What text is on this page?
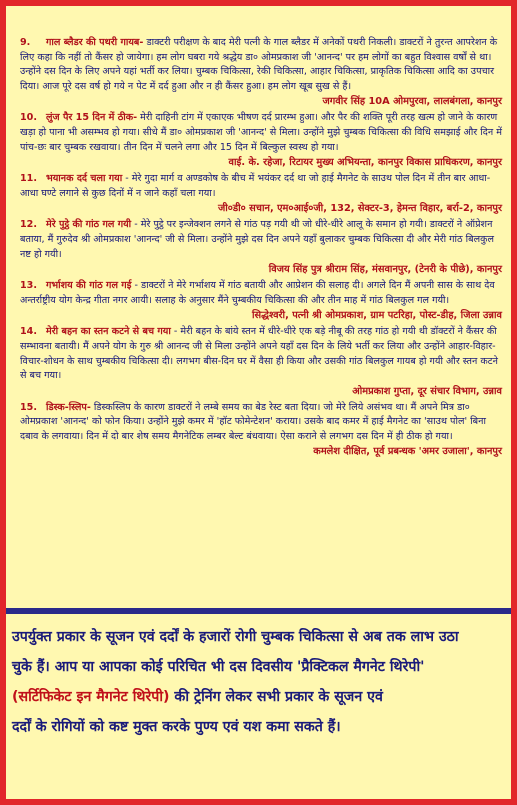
9. गाल ब्लैडर की पथरी गायब- डाक्टरी परीक्षण के बाद मेरी पत्नी के गाल ब्लैडर में अनेकों पथरी निकली। डाक्टरों ने तुरन्त आपरेशन के लिए कहा कि नहीं तो कैंसर हो जायेगा। हम लोग घबरा गये श्रद्धेय डा० ओमप्रकाश जी 'आनन्द' पर हम लोगों का बहुत विश्वास वर्षों से था। उन्होंने दस दिन के लिए अपने यहां भर्ती कर लिया। चुम्बक चिकित्सा, रेकी चिकित्सा, आहार चिकित्सा, प्राकृतिक चिकित्सा आदि का उपचार दिया। आज पूरे दस वर्ष हो गये न पेट में दर्द हुआ और न ही कैंसर हुआ। हम लोग खूब सुख से हैं।

जगवीर सिंह 10A ओमपुरवा, लालबंगला, कानपुर

10. लुंज पैर 15 दिन में ठीक- मेरी दाहिनी टांग में एकाएक भीषण दर्द प्रारम्भ हुआ। और पैर की शक्ति पूरी तरह खत्म हो जाने के कारण खड़ा हो पाना भी असम्भव हो गया। सीधे मैं डा० ओमप्रकाश जी 'आनन्द' से मिला। उन्होंने मुझे चुम्बक चिकित्सा की विधि समझाई और दिन में पांच-छः बार चुम्बक रखवाया। तीन दिन में चलने लगा और 15 दिन में बिल्कुल स्वस्थ हो गया।

वाई. के. रहेजा, रिटायर मुख्य अभियन्ता, कानपुर विकास प्राधिकरण, कानपुर

11. भयानक दर्द चला गया - मेरे गुदा मार्ग व अण्डकोष के बीच में भयंकर दर्द था जो हाई मैगनेट के साउथ पोल दिन में तीन बार आधा-आधा घण्टे लगाने से कुछ दिनों में न जाने कहाँ चला गया।

जी०डी० सचान, एम०आई०जी, 132, सेक्टर-3, हेमन्त विहार, बर्रा-2, कानपुर

12. मेरे पुट्ठे की गांठ गल गयी - मेरे पुट्ठे पर इन्जेक्शन लगने से गांठ पड़ गयी थी जो धीरे-धीरे आलू के समान हो गयी। डाक्टरों ने ऑप्रेशन बताया, मैं गुरुदेव श्री ओमप्रकाश 'आनन्द' जी से मिला। उन्होंने मुझे दस दिन अपने यहाँ बुलाकर चुम्बक चिकित्सा दी और मेरी गांठ बिलकुल नष्ट हो गयी।

विजय सिंह पुत्र श्रीराम सिंह, मंसवानपुर, (टेनरी के पीछे), कानपुर

13. गर्भाशय की गांठ गल गई - डाक्टरों ने मेरे गर्भाशय में गांठ बतायी और आप्रेशन की सलाह दी। अगले दिन मैं अपनी सास के साथ देव अन्तर्राष्ट्रीय योग केन्द्र गीता नगर आयी। सलाह के अनुसार मैंने चुम्बकीय चिकित्सा की और तीन माह में गांठ बिलकुल गल गयी।

सिद्धेश्वरी, पत्नी श्री ओमप्रकाश, ग्राम पटरिहा, पोस्ट-डीह, जिला उन्नाव

14. मेरी बहन का स्तन कटने से बच गया - मेरी बहन के बांये स्तन में धीरे-धीरे एक बड़े नीबू की तरह गांठ हो गयी थी डॉक्टरों ने कैंसर की सम्भावना बतायी। मैं अपने योग के गुरु श्री आनन्द जी से मिला उन्होंने अपने यहाँ दस दिन के लिये भर्ती कर लिया और उन्होंने आहार-विहार-विचार-शोधन के साथ चुम्बकीय चिकित्सा दी। लगभग बीस-दिन घर में वैसा ही किया और उसकी गांठ बिलकुल गायब हो गयी और स्तन कटने से बच गया।

ओमप्रकाश गुप्ता, दूर संचार विभाग, उन्नाव

15. डिस्क-स्लिप- डिस्कस्लिप के कारण डाक्टरों ने लम्बे समय का बेड रेस्ट बता दिया। जो मेरे लिये असंभव था। मैं अपने मित्र डा० ओमप्रकाश 'आनन्द' को फोन किया। उन्होंने मुझे कमर में 'हॉट फोमेन्टेशन' कराया। उसके बाद कमर में हाई मैगनेट का 'साउथ पोल' बिना दबाव के लगवाया। दिन में दो बार शेष समय मैगनेटिक लम्बर बेल्ट बंधवाया। ऐसा कराने से लगभग दस दिन में ही ठीक हो गया।

कमलेश दीक्षित, पूर्व प्रबन्धक 'अमर उजाला', कानपुर

उपर्युक्त प्रकार के सूजन एवं दर्दों के हजारों रोगी चुम्बक चिकित्सा से अब तक लाभ उठा

चुके हैं। आप या आपका कोई परिचित भी दस दिवसीय 'प्रैक्टिकल मैगनेट थिरेपी'

(सर्टिफिकेट इन मैगनेट थिरेपी) की ट्रेनिंग लेकर सभी प्रकार के सूजन एवं

दर्दों के रोगियों को कष्ट मुक्त करके पुण्य एवं यश कमा सकते हैं।
